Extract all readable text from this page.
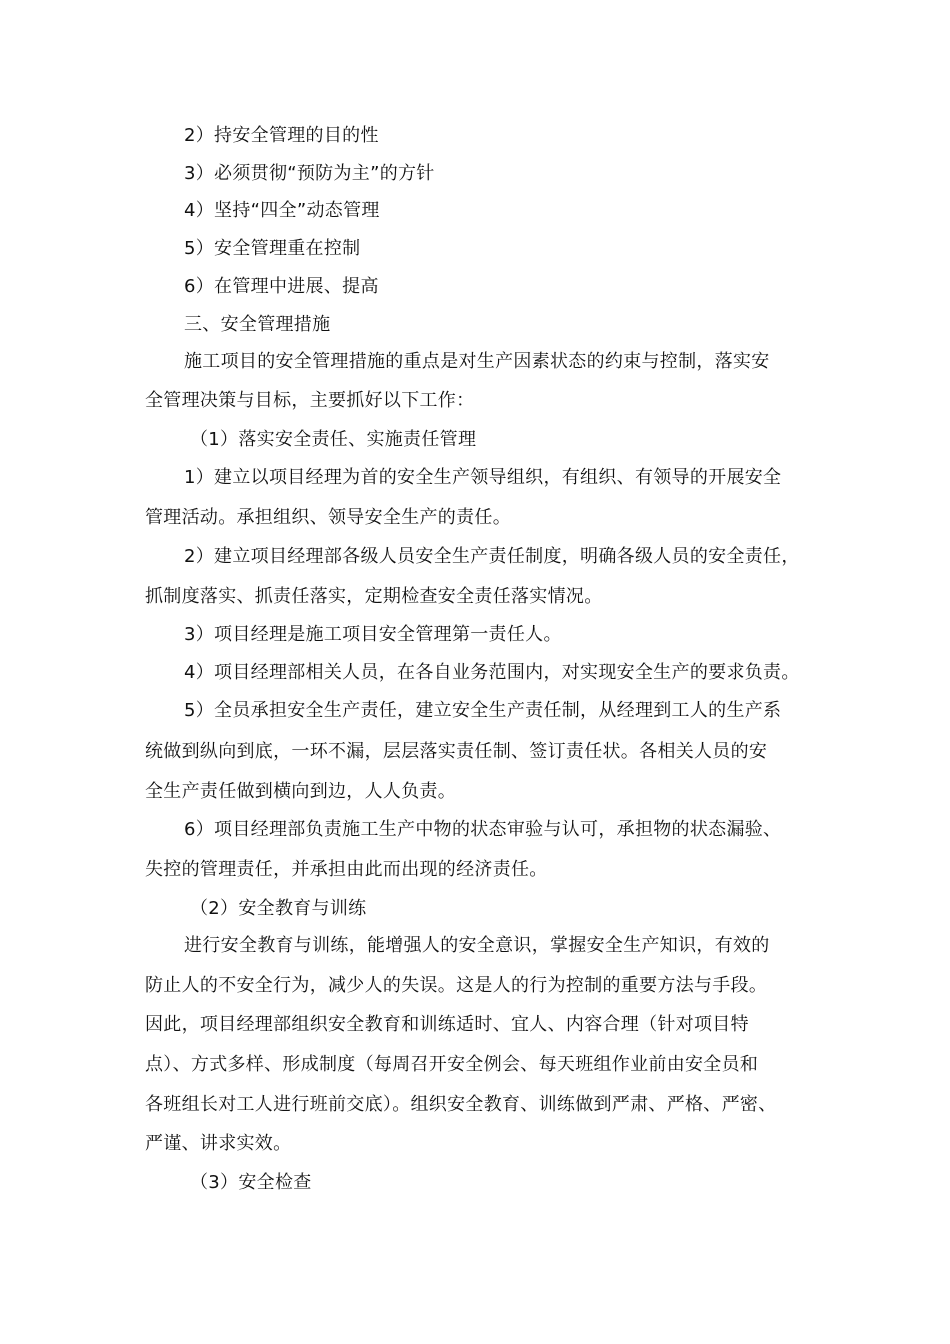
2）持安全管理的目的性
3）必须贯彻“预防为主”的方针
4）坚持“四全”动态管理
5）安全管理重在控制
6）在管理中进展、提高
三、安全管理措施
施工项目的安全管理措施的重点是对生产因素状态的约束与控制，落实安
全管理决策与目标，主要抓好以下工作：
（1）落实安全责任、实施责任管理
1）建立以项目经理为首的安全生产领导组织，有组织、有领导的开展安全
管理活动。承担组织、领导安全生产的责任。
2）建立项目经理部各级人员安全生产责任制度，明确各级人员的安全责任，
抓制度落实、抓责任落实，定期检查安全责任落实情况。
3）项目经理是施工项目安全管理第一责任人。
4）项目经理部相关人员，在各自业务范围内，对实现安全生产的要求负责。
5）全员承担安全生产责任，建立安全生产责任制，从经理到工人的生产系
统做到纵向到底，一环不漏，层层落实责任制、签订责任状。各相关人员的安
全生产责任做到横向到边，人人负责。
6）项目经理部负责施工生产中物的状态审验与认可，承担物的状态漏验、
失控的管理责任，并承担由此而出现的经济责任。
（2）安全教育与训练
进行安全教育与训练，能增强人的安全意识，掌握安全生产知识，有效的
防止人的不安全行为，减少人的失误。这是人的行为控制的重要方法与手段。
因此，项目经理部组织安全教育和训练适时、宜人、内容合理（针对项目特
点）、方式多样、形成制度（每周召开安全例会、每天班组作业前由安全员和
各班组长对工人进行班前交底）。组织安全教育、训练做到严肃、严格、严密、
严谨、讲求实效。
（3）安全检查
